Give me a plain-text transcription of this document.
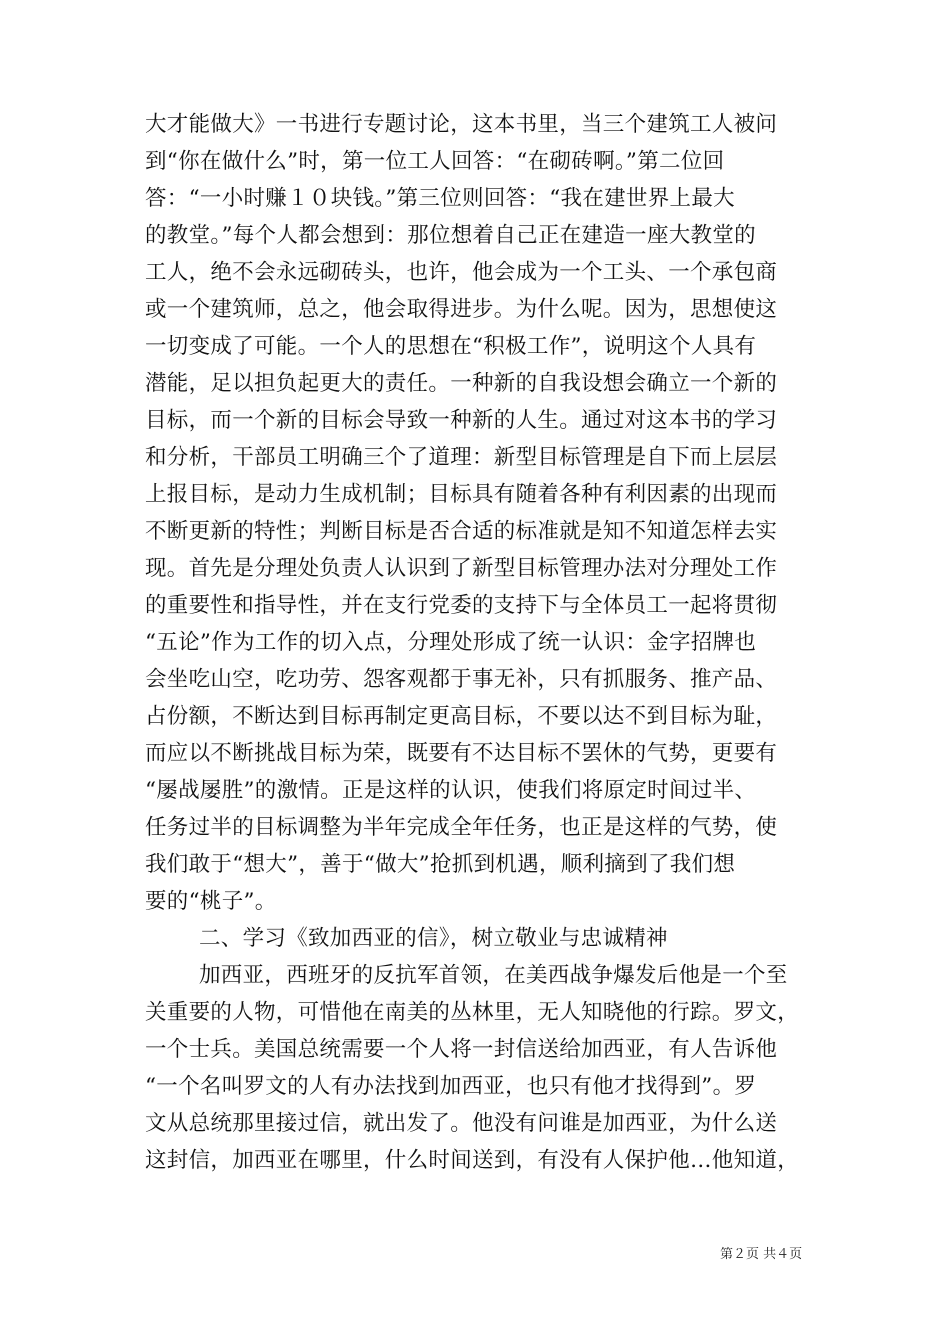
大才能做大》一书进行专题讨论，这本书里，当三个建筑工人被问
到“你在做什么”时，第一位工人回答：“在砌砖啊。”第二位回
答：“一小时赚１０块钱。”第三位则回答：“我在建世界上最大
的教堂。”每个人都会想到：那位想着自己正在建造一座大教堂的
工人，绝不会永远砌砖头，也许，他会成为一个工头、一个承包商
或一个建筑师，总之，他会取得进步。为什么呢。因为，思想使这
一切变成了可能。一个人的思想在“积极工作”，说明这个人具有
潜能，足以担负起更大的责任。一种新的自我设想会确立一个新的
目标，而一个新的目标会导致一种新的人生。通过对这本书的学习
和分析，干部员工明确三个了道理：新型目标管理是自下而上层层
上报目标，是动力生成机制；目标具有随着各种有利因素的出现而
不断更新的特性；判断目标是否合适的标准就是知不知道怎样去实
现。首先是分理处负责人认识到了新型目标管理办法对分理处工作
的重要性和指导性，并在支行党委的支持下与全体员工一起将贯彻
“五论”作为工作的切入点，分理处形成了统一认识：金字招牌也
会坐吃山空，吃功劳、怨客观都于事无补，只有抓服务、推产品、
占份额，不断达到目标再制定更高目标，不要以达不到目标为耻，
而应以不断挑战目标为荣，既要有不达目标不罢休的气势，更要有
“屡战屡胜”的激情。正是这样的认识，使我们将原定时间过半、
任务过半的目标调整为半年完成全年任务，也正是这样的气势，使
我们敢于“想大”，善于“做大”抢抓到机遇，顺利摘到了我们想
要的“桃子”。
二、学习《致加西亚的信》，树立敬业与忠诚精神
加西亚，西班牙的反抗军首领，在美西战争爆发后他是一个至
关重要的人物，可惜他在南美的丛林里，无人知晓他的行踪。罗文，
一个士兵。美国总统需要一个人将一封信送给加西亚，有人告诉他
“一个名叫罗文的人有办法找到加西亚，也只有他才找得到”。罗
文从总统那里接过信，就出发了。他没有问谁是加西亚，为什么送
这封信，加西亚在哪里，什么时间送到，有没有人保护他…他知道，
第２页 共４页
